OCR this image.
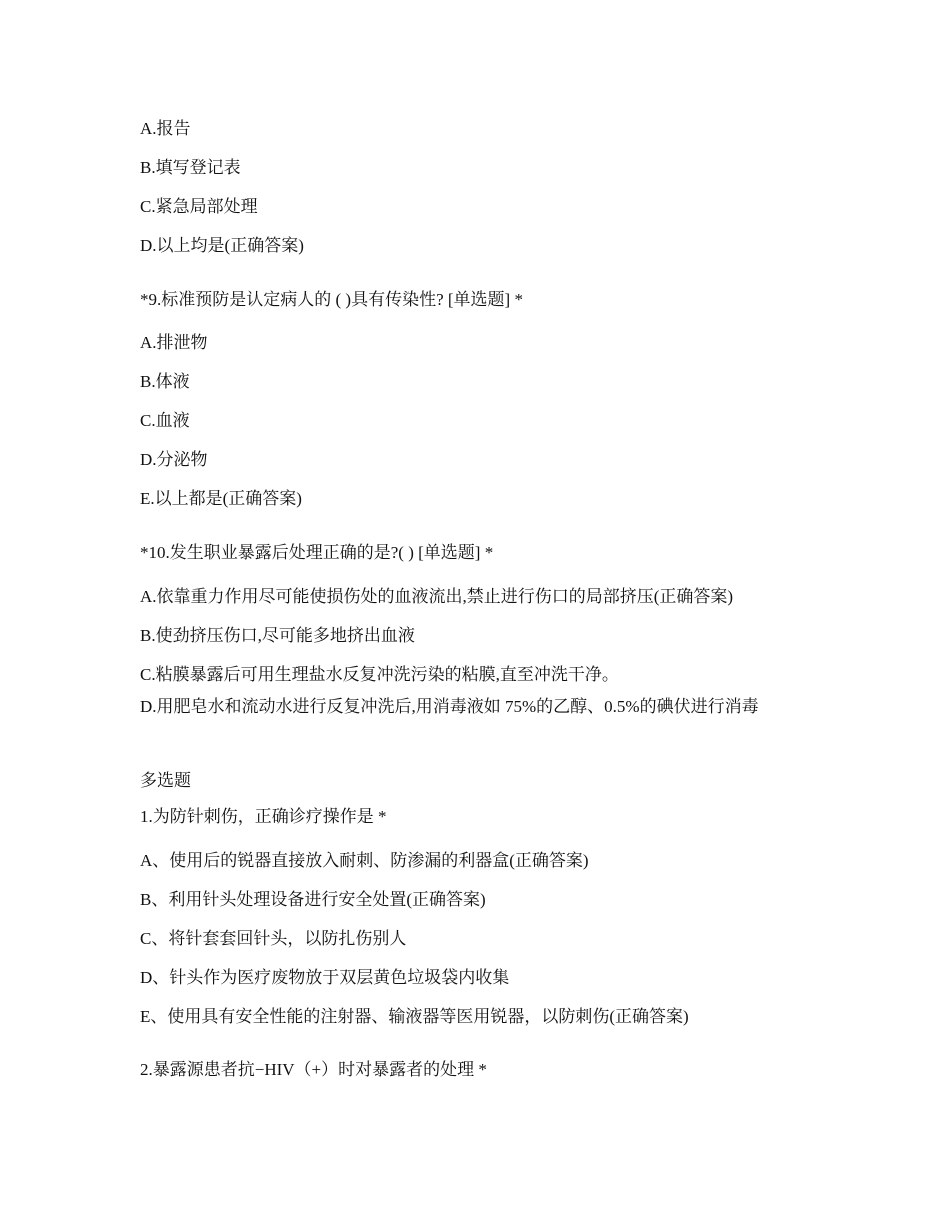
A.报告
B.填写登记表
C.紧急局部处理
D.以上均是(正确答案)
*9.标准预防是认定病人的 ( )具有传染性? [单选题] *
A.排泄物
B.体液
C.血液
D.分泌物
E.以上都是(正确答案)
*10.发生职业暴露后处理正确的是?( ) [单选题] *
A.依靠重力作用尽可能使损伤处的血液流出,禁止进行伤口的局部挤压(正确答案)
B.使劲挤压伤口,尽可能多地挤出血液
C.粘膜暴露后可用生理盐水反复冲洗污染的粘膜,直至冲洗干净。
D.用肥皂水和流动水进行反复冲洗后,用消毒液如 75%的乙醇、0.5%的碘伏进行消毒
多选题
1.为防针刺伤，正确诊疗操作是 *
A、使用后的锐器直接放入耐刺、防渗漏的利器盒(正确答案)
B、利用针头处理设备进行安全处置(正确答案)
C、将针套套回针头，以防扎伤别人
D、针头作为医疗废物放于双层黄色垃圾袋内收集
E、使用具有安全性能的注射器、输液器等医用锐器，以防刺伤(正确答案)
2.暴露源患者抗−HIV（+）时对暴露者的处理 *
